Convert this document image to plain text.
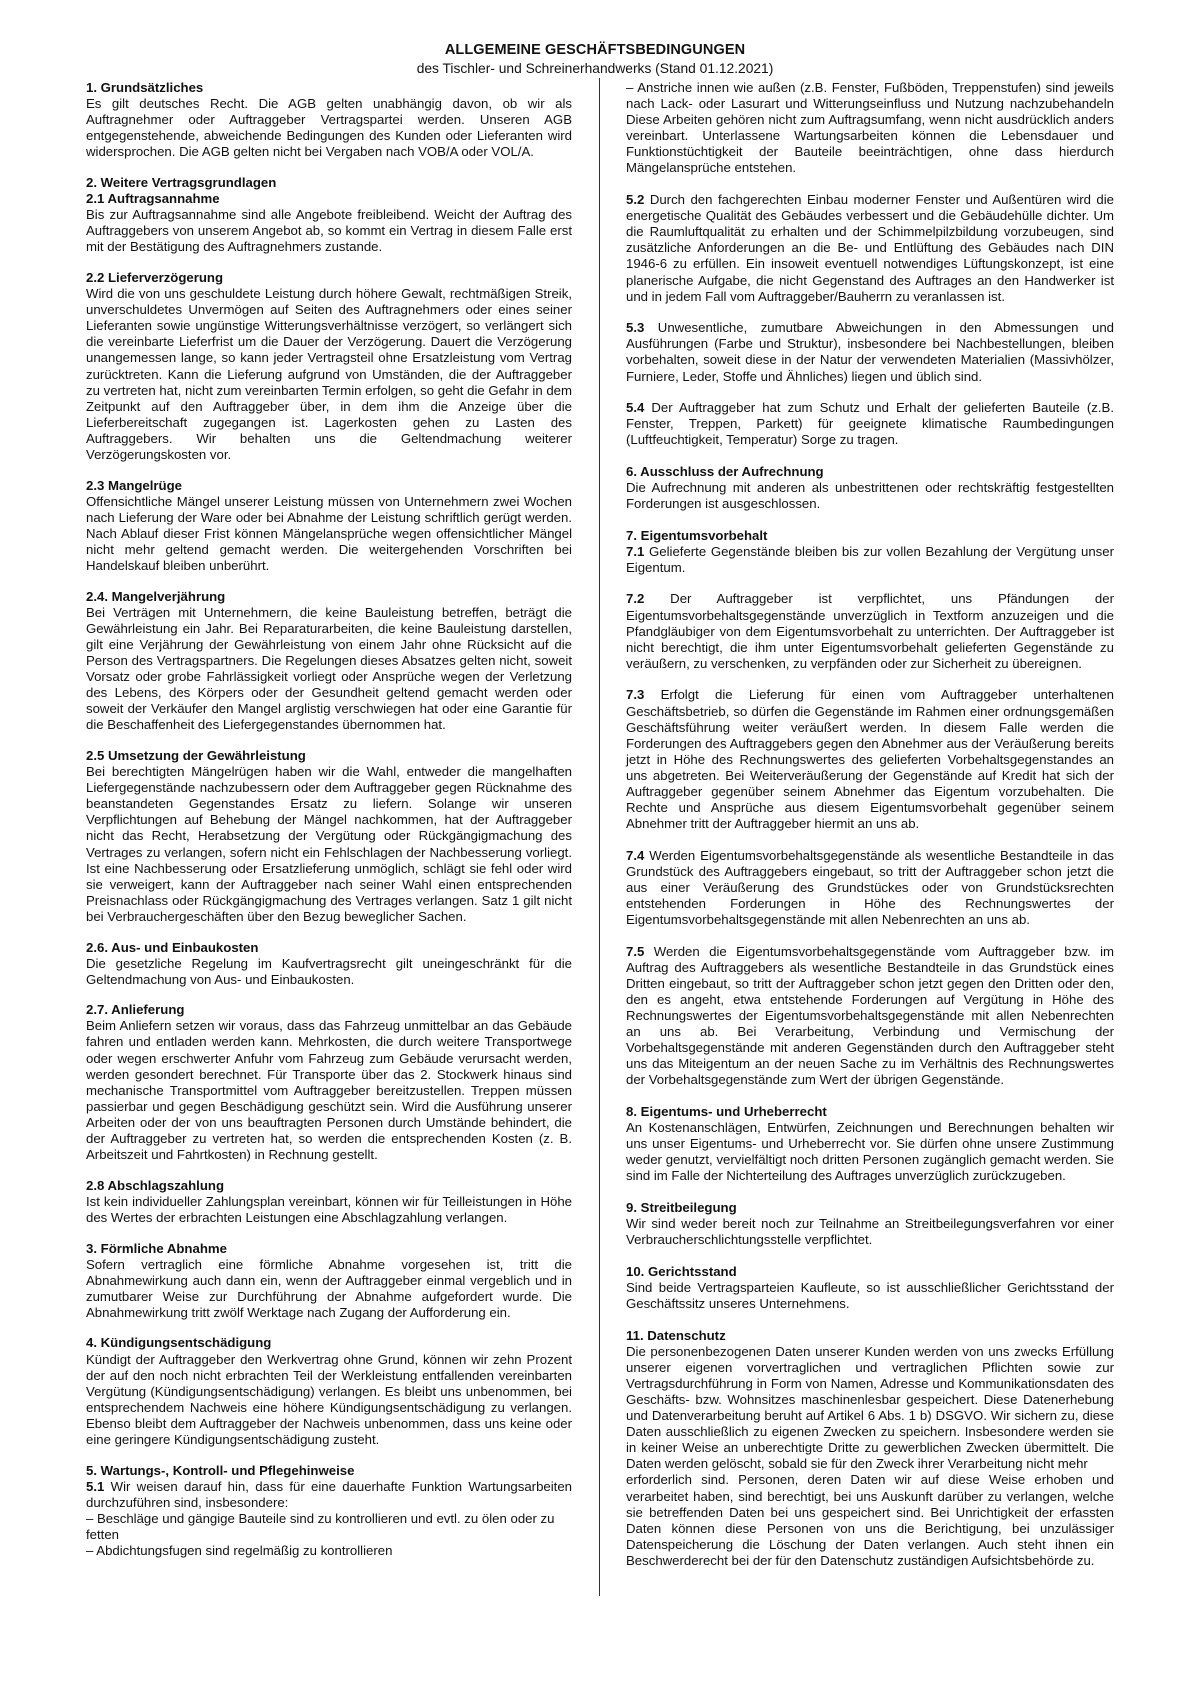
ALLGEMEINE GESCHÄFTSBEDINGUNGEN
des Tischler- und Schreinerhandwerks (Stand 01.12.2021)
1. Grundsätzliches
Es gilt deutsches Recht. Die AGB gelten unabhängig davon, ob wir als Auftragnehmer oder Auftraggeber Vertragspartei werden. Unseren AGB entgegenstehende, abweichende Bedingungen des Kunden oder Lieferanten wird widersprochen. Die AGB gelten nicht bei Vergaben nach VOB/A oder VOL/A.
2. Weitere Vertragsgrundlagen
2.1 Auftragsannahme
Bis zur Auftragsannahme sind alle Angebote freibleibend. Weicht der Auftrag des Auftraggebers von unserem Angebot ab, so kommt ein Vertrag in diesem Falle erst mit der Bestätigung des Auftragnehmers zustande.
2.2 Lieferverzögerung
Wird die von uns geschuldete Leistung durch höhere Gewalt, rechtmäßigen Streik, unverschuldetes Unvermögen auf Seiten des Auftragnehmers oder eines seiner Lieferanten sowie ungünstige Witterungsverhältnisse verzögert, so verlängert sich die vereinbarte Lieferfrist um die Dauer der Verzögerung. Dauert die Verzögerung unangemessen lange, so kann jeder Vertragsteil ohne Ersatzleistung vom Vertrag zurücktreten. Kann die Lieferung aufgrund von Umständen, die der Auftraggeber zu vertreten hat, nicht zum vereinbarten Termin erfolgen, so geht die Gefahr in dem Zeitpunkt auf den Auftraggeber über, in dem ihm die Anzeige über die Lieferbereitschaft zugegangen ist. Lagerkosten gehen zu Lasten des Auftraggebers. Wir behalten uns die Geltendmachung weiterer Verzögerungskosten vor.
2.3 Mangelrüge
Offensichtliche Mängel unserer Leistung müssen von Unternehmern zwei Wochen nach Lieferung der Ware oder bei Abnahme der Leistung schriftlich gerügt werden. Nach Ablauf dieser Frist können Mängelansprüche wegen offensichtlicher Mängel nicht mehr geltend gemacht werden. Die weitergehenden Vorschriften bei Handelskauf bleiben unberührt.
2.4. Mangelverjährung
Bei Verträgen mit Unternehmern, die keine Bauleistung betreffen, beträgt die Gewährleistung ein Jahr. Bei Reparaturarbeiten, die keine Bauleistung darstellen, gilt eine Verjährung der Gewährleistung von einem Jahr ohne Rücksicht auf die Person des Vertragspartners. Die Regelungen dieses Absatzes gelten nicht, soweit Vorsatz oder grobe Fahrlässigkeit vorliegt oder Ansprüche wegen der Verletzung des Lebens, des Körpers oder der Gesundheit geltend gemacht werden oder soweit der Verkäufer den Mangel arglistig verschwiegen hat oder eine Garantie für die Beschaffenheit des Liefergegenstandes übernommen hat.
2.5 Umsetzung der Gewährleistung
Bei berechtigten Mängelrügen haben wir die Wahl, entweder die mangelhaften Liefergegenstände nachzubessern oder dem Auftraggeber gegen Rücknahme des beanstandeten Gegenstandes Ersatz zu liefern. Solange wir unseren Verpflichtungen auf Behebung der Mängel nachkommen, hat der Auftraggeber nicht das Recht, Herabsetzung der Vergütung oder Rückgängigmachung des Vertrages zu verlangen, sofern nicht ein Fehlschlagen der Nachbesserung vorliegt. Ist eine Nachbesserung oder Ersatzlieferung unmöglich, schlägt sie fehl oder wird sie verweigert, kann der Auftraggeber nach seiner Wahl einen entsprechenden Preisnachlass oder Rückgängigmachung des Vertrages verlangen. Satz 1 gilt nicht bei Verbrauchergeschäften über den Bezug beweglicher Sachen.
2.6. Aus- und Einbaukosten
Die gesetzliche Regelung im Kaufvertragsrecht gilt uneingeschränkt für die Geltendmachung von Aus- und Einbaukosten.
2.7. Anlieferung
Beim Anliefern setzen wir voraus, dass das Fahrzeug unmittelbar an das Gebäude fahren und entladen werden kann. Mehrkosten, die durch weitere Transportwege oder wegen erschwerter Anfuhr vom Fahrzeug zum Gebäude verursacht werden, werden gesondert berechnet. Für Transporte über das 2. Stockwerk hinaus sind mechanische Transportmittel vom Auftraggeber bereitzustellen. Treppen müssen passierbar und gegen Beschädigung geschützt sein. Wird die Ausführung unserer Arbeiten oder der von uns beauftragten Personen durch Umstände behindert, die der Auftraggeber zu vertreten hat, so werden die entsprechenden Kosten (z. B. Arbeitszeit und Fahrtkosten) in Rechnung gestellt.
2.8 Abschlagszahlung
Ist kein individueller Zahlungsplan vereinbart, können wir für Teilleistungen in Höhe des Wertes der erbrachten Leistungen eine Abschlagzahlung verlangen.
3. Förmliche Abnahme
Sofern vertraglich eine förmliche Abnahme vorgesehen ist, tritt die Abnahmewirkung auch dann ein, wenn der Auftraggeber einmal vergeblich und in zumutbarer Weise zur Durchführung der Abnahme aufgefordert wurde. Die Abnahmewirkung tritt zwölf Werktage nach Zugang der Aufforderung ein.
4. Kündigungsentschädigung
Kündigt der Auftraggeber den Werkvertrag ohne Grund, können wir zehn Prozent der auf den noch nicht erbrachten Teil der Werkleistung entfallenden vereinbarten Vergütung (Kündigungsentschädigung) verlangen. Es bleibt uns unbenommen, bei entsprechendem Nachweis eine höhere Kündigungsentschädigung zu verlangen. Ebenso bleibt dem Auftraggeber der Nachweis unbenommen, dass uns keine oder eine geringere Kündigungsentschädigung zusteht.
5. Wartungs-, Kontroll- und Pflegehinweise
5.1 Wir weisen darauf hin, dass für eine dauerhafte Funktion Wartungsarbeiten durchzuführen sind, insbesondere:
– Beschläge und gängige Bauteile sind zu kontrollieren und evtl. zu ölen oder zu fetten
– Abdichtungsfugen sind regelmäßig zu kontrollieren
– Anstriche innen wie außen (z.B. Fenster, Fußböden, Treppenstufen) sind jeweils nach Lack- oder Lasurart und Witterungseinfluss und Nutzung nachzubehandeln Diese Arbeiten gehören nicht zum Auftragsumfang, wenn nicht ausdrücklich anders vereinbart. Unterlassene Wartungsarbeiten können die Lebensdauer und Funktionstüchtigkeit der Bauteile beeinträchtigen, ohne dass hierdurch Mängelansprüche entstehen.
5.2 Durch den fachgerechten Einbau moderner Fenster und Außentüren wird die energetische Qualität des Gebäudes verbessert und die Gebäudehülle dichter. Um die Raumluftqualität zu erhalten und der Schimmelpilzbildung vorzubeugen, sind zusätzliche Anforderungen an die Be- und Entlüftung des Gebäudes nach DIN 1946-6 zu erfüllen. Ein insoweit eventuell notwendiges Lüftungskonzept, ist eine planerische Aufgabe, die nicht Gegenstand des Auftrages an den Handwerker ist und in jedem Fall vom Auftraggeber/Bauherrn zu veranlassen ist.
5.3 Unwesentliche, zumutbare Abweichungen in den Abmessungen und Ausführungen (Farbe und Struktur), insbesondere bei Nachbestellungen, bleiben vorbehalten, soweit diese in der Natur der verwendeten Materialien (Massivhölzer, Furniere, Leder, Stoffe und Ähnliches) liegen und üblich sind.
5.4 Der Auftraggeber hat zum Schutz und Erhalt der gelieferten Bauteile (z.B. Fenster, Treppen, Parkett) für geeignete klimatische Raumbedingungen (Luftfeuchtigkeit, Temperatur) Sorge zu tragen.
6. Ausschluss der Aufrechnung
Die Aufrechnung mit anderen als unbestrittenen oder rechtskräftig festgestellten Forderungen ist ausgeschlossen.
7. Eigentumsvorbehalt
7.1 Gelieferte Gegenstände bleiben bis zur vollen Bezahlung der Vergütung unser Eigentum.
7.2 Der Auftraggeber ist verpflichtet, uns Pfändungen der Eigentumsvorbehaltsgegenstände unverzüglich in Textform anzuzeigen und die Pfandgläubiger von dem Eigentumsvorbehalt zu unterrichten. Der Auftraggeber ist nicht berechtigt, die ihm unter Eigentumsvorbehalt gelieferten Gegenstände zu veräußern, zu verschenken, zu verpfänden oder zur Sicherheit zu übereignen.
7.3 Erfolgt die Lieferung für einen vom Auftraggeber unterhaltenen Geschäftsbetrieb, so dürfen die Gegenstände im Rahmen einer ordnungsgemäßen Geschäftsführung weiter veräußert werden. In diesem Falle werden die Forderungen des Auftraggebers gegen den Abnehmer aus der Veräußerung bereits jetzt in Höhe des Rechnungswertes des gelieferten Vorbehaltsgegenstandes an uns abgetreten. Bei Weiterveräußerung der Gegenstände auf Kredit hat sich der Auftraggeber gegenüber seinem Abnehmer das Eigentum vorzubehalten. Die Rechte und Ansprüche aus diesem Eigentumsvorbehalt gegenüber seinem Abnehmer tritt der Auftraggeber hiermit an uns ab.
7.4 Werden Eigentumsvorbehaltsgegenstände als wesentliche Bestandteile in das Grundstück des Auftraggebers eingebaut, so tritt der Auftraggeber schon jetzt die aus einer Veräußerung des Grundstückes oder von Grundstücksrechten entstehenden Forderungen in Höhe des Rechnungswertes der Eigentumsvorbehaltsgegenstände mit allen Nebenrechten an uns ab.
7.5 Werden die Eigentumsvorbehaltsgegenstände vom Auftraggeber bzw. im Auftrag des Auftraggebers als wesentliche Bestandteile in das Grundstück eines Dritten eingebaut, so tritt der Auftraggeber schon jetzt gegen den Dritten oder den, den es angeht, etwa entstehende Forderungen auf Vergütung in Höhe des Rechnungswertes der Eigentumsvorbehaltsgegenstände mit allen Nebenrechten an uns ab. Bei Verarbeitung, Verbindung und Vermischung der Vorbehaltsgegenstände mit anderen Gegenständen durch den Auftraggeber steht uns das Miteigentum an der neuen Sache zu im Verhältnis des Rechnungswertes der Vorbehaltsgegenstände zum Wert der übrigen Gegenstände.
8. Eigentums- und Urheberrecht
An Kostenanschlägen, Entwürfen, Zeichnungen und Berechnungen behalten wir uns unser Eigentums- und Urheberrecht vor. Sie dürfen ohne unsere Zustimmung weder genutzt, vervielfältigt noch dritten Personen zugänglich gemacht werden. Sie sind im Falle der Nichterteilung des Auftrages unverzüglich zurückzugeben.
9. Streitbeilegung
Wir sind weder bereit noch zur Teilnahme an Streitbeilegungsverfahren vor einer Verbraucherschlichtungsstelle verpflichtet.
10. Gerichtsstand
Sind beide Vertragsparteien Kaufleute, so ist ausschließlicher Gerichtsstand der Geschäftssitz unseres Unternehmens.
11. Datenschutz
Die personenbezogenen Daten unserer Kunden werden von uns zwecks Erfüllung unserer eigenen vorvertraglichen und vertraglichen Pflichten sowie zur Vertragsdurchführung in Form von Namen, Adresse und Kommunikationsdaten des Geschäfts- bzw. Wohnsitzes maschinenlesbar gespeichert. Diese Datenerhebung und Datenverarbeitung beruht auf Artikel 6 Abs. 1 b) DSGVO. Wir sichern zu, diese Daten ausschließlich zu eigenen Zwecken zu speichern. Insbesondere werden sie in keiner Weise an unberechtigte Dritte zu gewerblichen Zwecken übermittelt. Die Daten werden gelöscht, sobald sie für den Zweck ihrer Verarbeitung nicht mehr
erforderlich sind. Personen, deren Daten wir auf diese Weise erhoben und verarbeitet haben, sind berechtigt, bei uns Auskunft darüber zu verlangen, welche sie betreffenden Daten bei uns gespeichert sind. Bei Unrichtigkeit der erfassten Daten können diese Personen von uns die Berichtigung, bei unzulässiger Datenspeicherung die Löschung der Daten verlangen. Auch steht ihnen ein Beschwerderecht bei der für den Datenschutz zuständigen Aufsichtsbehörde zu.
